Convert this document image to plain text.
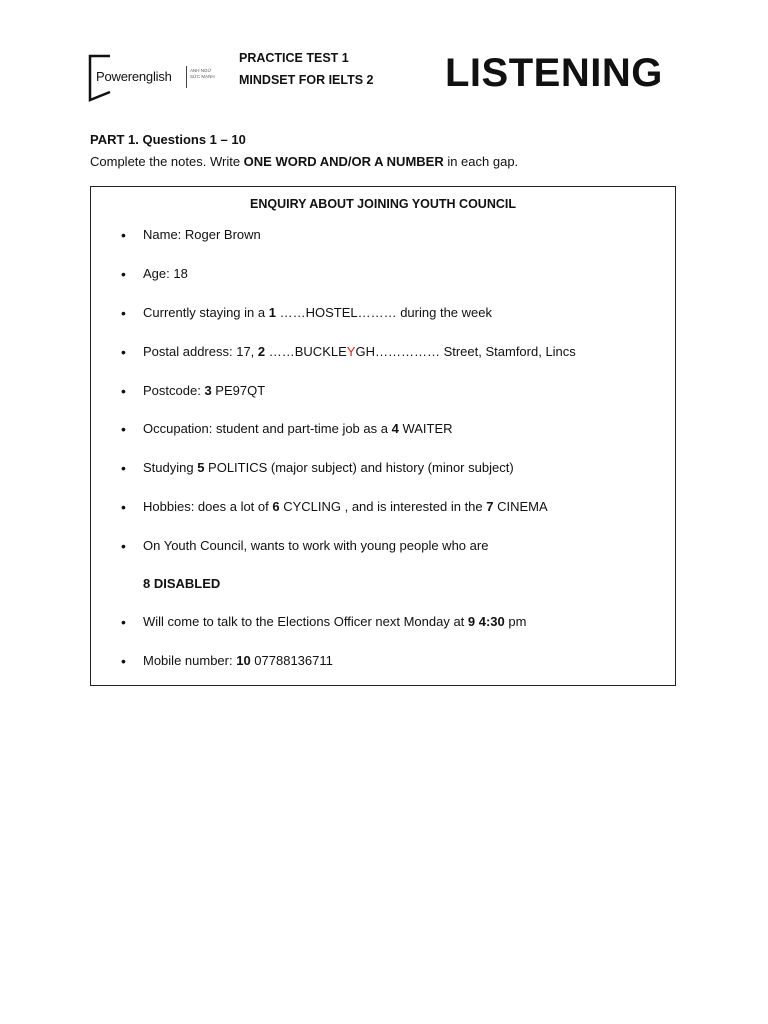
Powerenglish	ANH NGỮ
SỨC MẠNH
PRACTICE TEST 1
MINDSET FOR IELTS 2 LISTENING
PART 1. Questions 1 – 10
Complete the notes. Write ONE WORD AND/OR A NUMBER in each gap.
ENQUIRY ABOUT JOINING YOUTH COUNCIL
• Name: Roger Brown
• Age: 18
• Currently staying in a 1 ……HOSTEL……… during the week
• Postal address: 17, 2 ……BUCKLEYGH…………… Street, Stamford, Lincs
• Postcode: 3 PE97QT
• Occupation: student and part-time job as a 4 WAITER
• Studying 5 POLITICS (major subject) and history (minor subject)
• Hobbies: does a lot of 6 CYCLING , and is interested in the 7 CINEMA
• On Youth Council, wants to work with young people who are
8 DISABLED
• Will come to talk to the Elections Officer next Monday at 9 4:30 pm
• Mobile number: 10 07788136711
